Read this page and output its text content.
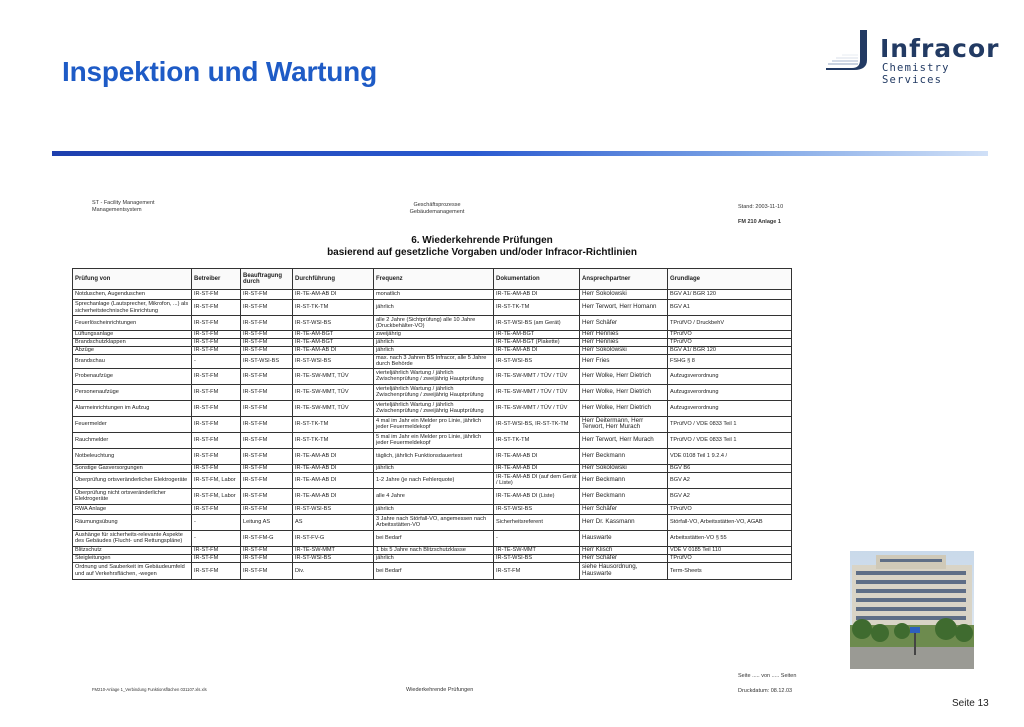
Inspektion und Wartung
Infracor
Chemistry Services
ST - Facility Management
Managementsystem
Geschäftsprozesse
Gebäudemanagement
Stand: 2003-11-10
FM 210 Anlage 1
6. Wiederkehrende Prüfungen
basierend auf gesetzliche Vorgaben und/oder Infracor-Richtlinien
Prüfung von	Betreiber	Beauftragung durch	Durchführung	Frequenz	Dokumentation	Ansprechpartner	Grundlage
Notduschen, Augenduschen	IR-ST-FM	IR-ST-FM	IR-TE-AM-AB DI	monatlich	IR-TE-AM-AB DI	Herr Sokolowski	BGV A1/ BGR 120
Sprechanlage (Lautsprecher, Mikrofon, ...) als sicherheitstechnische Einrichtung	IR-ST-FM	IR-ST-FM	IR-ST-TK-TM	jährlich	IR-ST-TK-TM	Herr Terwort, Herr Homann	BGV A1
Feuerlöscheinrichtungen	IR-ST-FM	IR-ST-FM	IR-ST-WSI-BS	alle 2 Jahre (Sichtprüfung) alle 10 Jahre (Druckbehälter-VO)	IR-ST-WSI-BS (am Gerät)	Herr Schäfer	TPrüfVO / DruckbehV
Lüftungsanlage	IR-ST-FM	IR-ST-FM	IR-TE-AM-BGT	zweijährig	IR-TE-AM-BGT	Herr Hennies	TPrüfVO
Brandschutzklappen	IR-ST-FM	IR-ST-FM	IR-TE-AM-BGT	jährlich	IR-TE-AM-BGT (Plakette)	Herr Hennies	TPrüfVO
Abzüge	IR-ST-FM	IR-ST-FM	IR-TE-AM-AB DI	jährlich	IR-TE-AM-AB DI	Herr Sokolowski	BGV A1/ BGR 120
Brandschau	-	IR-ST-WSI-BS	IR-ST-WSI-BS	max. nach 3 Jahren BS Infracor, alle 5 Jahre durch Behörde	IR-ST-WSI-BS	Herr Fries	FSHG § 8
Probenaufzüge	IR-ST-FM	IR-ST-FM	IR-TE-SW-MMT, TÜV	vierteljährlich Wartung / jährlich Zwischenprüfung / zweijährig Hauptprüfung	IR-TE-SW-MMT / TÜV / TÜV	Herr Wolke, Herr Dietrich	Aufzugsverordnung
Personenaufzüge	IR-ST-FM	IR-ST-FM	IR-TE-SW-MMT, TÜV	vierteljährlich Wartung / jährlich Zwischenprüfung / zweijährig Hauptprüfung	IR-TE-SW-MMT / TÜV / TÜV	Herr Wolke, Herr Dietrich	Aufzugsverordnung
Alarmeinrichtungen im Aufzug	IR-ST-FM	IR-ST-FM	IR-TE-SW-MMT, TÜV	vierteljährlich Wartung / jährlich Zwischenprüfung / zweijährig Hauptprüfung	IR-TE-SW-MMT / TÜV / TÜV	Herr Wolke, Herr Dietrich	Aufzugsverordnung
Feuermelder	IR-ST-FM	IR-ST-FM	IR-ST-TK-TM	4 mal im Jahr ein Melder pro Linie, jährlich jeder Feuermeldekopf	IR-ST-WSI-BS, IR-ST-TK-TM	Herr Deitermann, Herr Terwort, Herr Murach	TPrüfVO / VDE 0833 Teil 1
Rauchmelder	IR-ST-FM	IR-ST-FM	IR-ST-TK-TM	5 mal im Jahr ein Melder pro Linie, jährlich jeder Feuermeldekopf	IR-ST-TK-TM	Herr Terwort, Herr Murach	TPrüfVO / VDE 0833 Teil 1
Notbeleuchtung	IR-ST-FM	IR-ST-FM	IR-TE-AM-AB DI	täglich, jährlich Funktionsdauertest	IR-TE-AM-AB DI	Herr Beckmann	VDE 0108 Teil 1 9.2.4 /
Sonstige Gasversorgungen	IR-ST-FM	IR-ST-FM	IR-TE-AM-AB DI	jährlich	IR-TE-AM-AB DI	Herr Sokolowski	BGV B6
Überprüfung ortsveränderlicher Elektrogeräte	IR-ST-FM, Labor	IR-ST-FM	IR-TE-AM-AB DI	1-2 Jahre (je nach Fehlerquote)	IR-TE-AM-AB DI (auf dem Gerät / Liste)	Herr Beckmann	BGV A2
Überprüfung nicht ortsveränderlicher Elektrogeräte	IR-ST-FM, Labor	IR-ST-FM	IR-TE-AM-AB DI	alle 4 Jahre	IR-TE-AM-AB DI (Liste)	Herr Beckmann	BGV A2
RWA Anlage	IR-ST-FM	IR-ST-FM	IR-ST-WSI-BS	jährlich	IR-ST-WSI-BS	Herr Schäfer	TPrüfVO
Räumungsübung	-	Leitung AS	AS	3 Jahre nach Störfall-VO, angemessen nach Arbeitsstätten-VO	Sicherheitsreferent	Herr Dr. Kassmann	Störfall-VO, Arbeitsstätten-VO, AGAB
Aushänge für sicherheits-relevante Aspekte des Gebäudes (Flucht- und Rettungspläne)	-	IR-ST-FM-G	IR-ST-FV-G	bei Bedarf	-	Hauswarte	Arbeitsstätten-VO § 55
Blitzschutz	IR-ST-FM	IR-ST-FM	IR-TE-SW-MMT	1 bis 5 Jahre nach Blitzschutzklasse	IR-TE-SW-MMT	Herr Klisch	VDE V 0185 Teil 110
Steigleitungen	IR-ST-FM	IR-ST-FM	IR-ST-WSI-BS	jährlich	IR-ST-WSI-BS	Herr Schäfer	TPrüfVO
Ordnung und Sauberkeit im Gebäudeumfeld und auf Verkehrsflächen, -wegen	IR-ST-FM	IR-ST-FM	Div.	bei Bedarf	IR-ST-FM	siehe Hausordnung, Hauswarte	Term-Sheets
Seite ..... von ..... Seiten
FM210-Anlage 1_Verbindung Funktionsflächen 031107.xls.xls	Wiederkehrende Prüfungen	Druckdatum: 08.12.03
Seite 13
